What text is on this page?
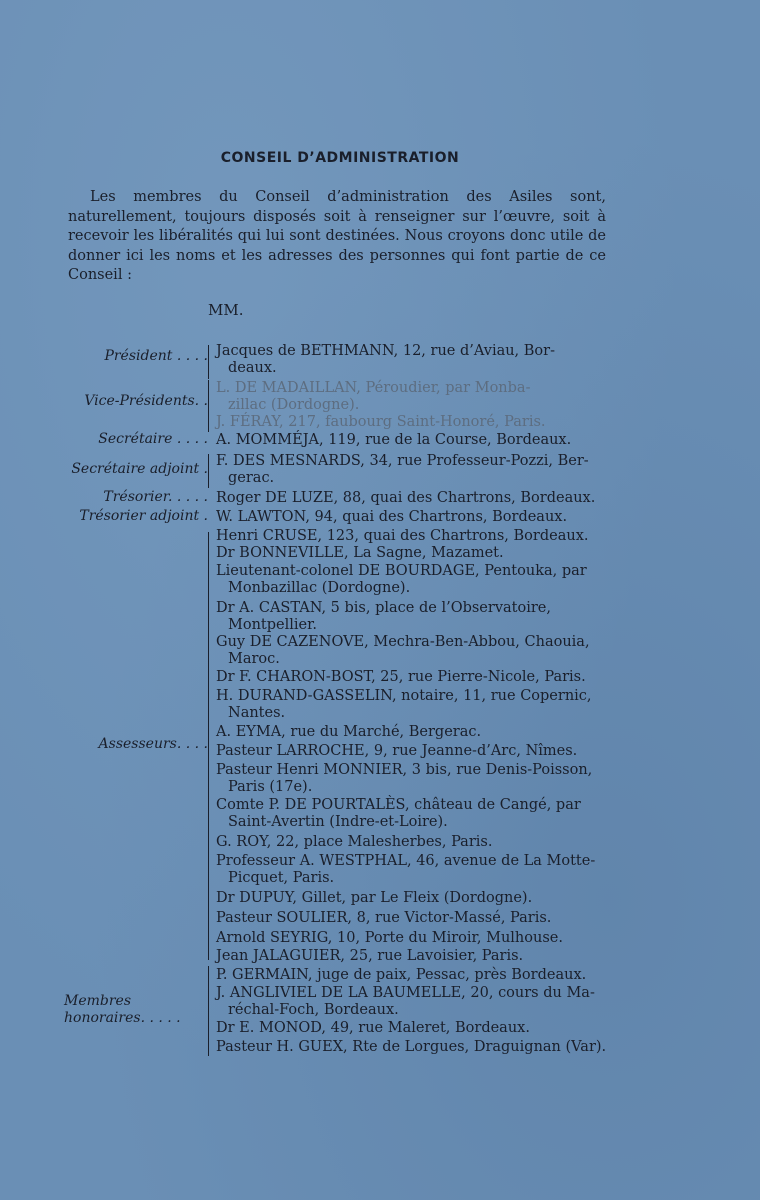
CONSEIL D’ADMINISTRATION
Les membres du Conseil d’administration des Asiles sont, naturellement, toujours disposés soit à renseigner sur l’œuvre, soit à recevoir les libéralités qui lui sont destinées. Nous croyons donc utile de donner ici les noms et les adresses des personnes qui font partie de ce Conseil :
MM.
Président . . . .
Vice-Présidents. .
Secrétaire . . . .
Secrétaire adjoint .
Trésorier. . . . .
Trésorier adjoint .
Assesseurs. . . .
Membres honoraires. . . . .
Jacques de BETHMANN, 12, rue d’Aviau, Bor-
deaux.
L. DE MADAILLAN, Péroudier, par Monba-
zillac (Dordogne).
J. FÉRAY, 217, faubourg Saint-Honoré, Paris.
A. MOMMÉJA, 119, rue de la Course, Bordeaux.
F. DES MESNARDS, 34, rue Professeur-Pozzi, Ber-
gerac.
Roger DE LUZE, 88, quai des Chartrons, Bordeaux.
W. LAWTON, 94, quai des Chartrons, Bordeaux.
Henri CRUSE, 123, quai des Chartrons, Bordeaux.
Dr BONNEVILLE, La Sagne, Mazamet.
Lieutenant-colonel DE BOURDAGE, Pentouka, par
Monbazillac (Dordogne).
Dr A. CASTAN, 5 bis, place de l’Observatoire,
Montpellier.
Guy DE CAZENOVE, Mechra-Ben-Abbou, Chaouia,
Maroc.
Dr F. CHARON-BOST, 25, rue Pierre-Nicole, Paris.
H. DURAND-GASSELIN, notaire, 11, rue Copernic,
Nantes.
A. EYMA, rue du Marché, Bergerac.
Pasteur LARROCHE, 9, rue Jeanne-d’Arc, Nîmes.
Pasteur Henri MONNIER, 3 bis, rue Denis-Poisson,
Paris (17e).
Comte P. DE POURTALÈS, château de Cangé, par
Saint-Avertin (Indre-et-Loire).
G. ROY, 22, place Malesherbes, Paris.
Professeur A. WESTPHAL, 46, avenue de La Motte-
Picquet, Paris.
Dr DUPUY, Gillet, par Le Fleix (Dordogne).
Pasteur SOULIER, 8, rue Victor-Massé, Paris.
Arnold SEYRIG, 10, Porte du Miroir, Mulhouse.
Jean JALAGUIER, 25, rue Lavoisier, Paris.
P. GERMAIN, juge de paix, Pessac, près Bordeaux.
J. ANGLIVIEL DE LA BAUMELLE, 20, cours du Ma-
réchal-Foch, Bordeaux.
Dr E. MONOD, 49, rue Maleret, Bordeaux.
Pasteur H. GUEX, Rte de Lorgues, Draguignan (Var).
